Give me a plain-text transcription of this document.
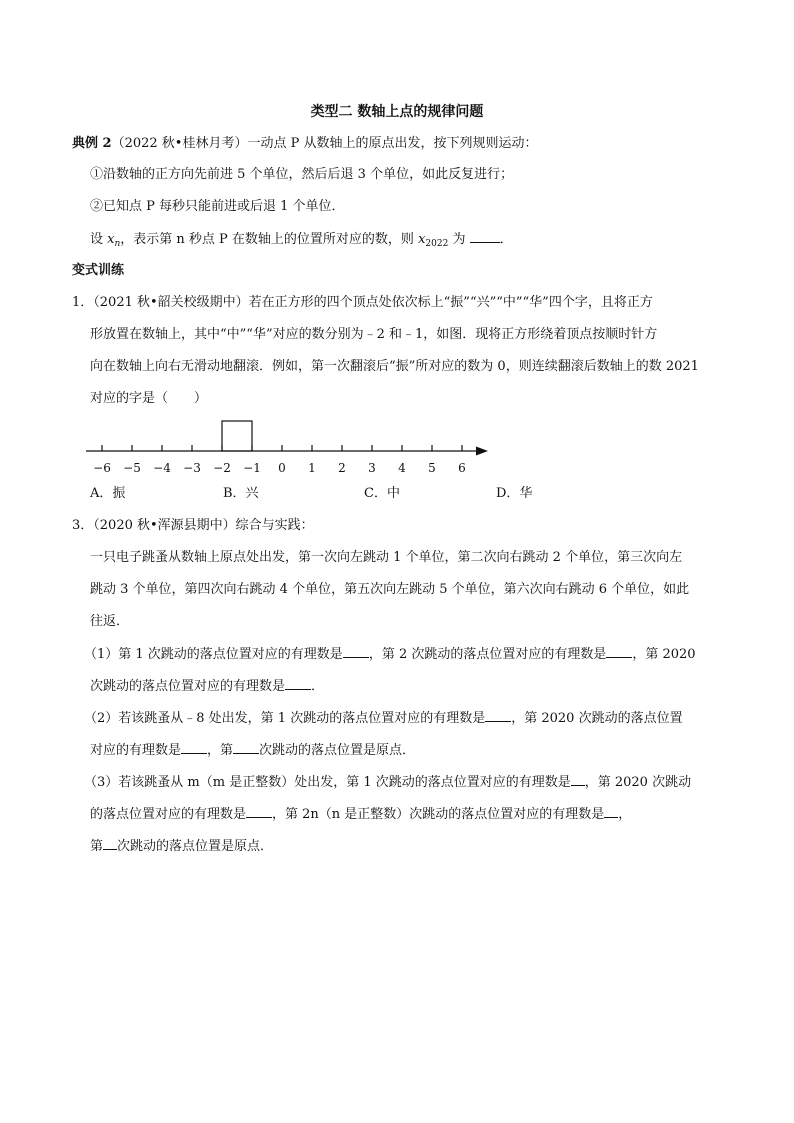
类型二 数轴上点的规律问题
典例 2（2022 秋•桂林月考）一动点 P 从数轴上的原点出发，按下列规则运动：
①沿数轴的正方向先前进 5 个单位，然后后退 3 个单位，如此反复进行；
②已知点 P 每秒只能前进或后退 1 个单位．
设 $x_n$，表示第 n 秒点 P 在数轴上的位置所对应的数，则 $x_{2022}$ 为	．
变式训练
1．（2021 秋•韶关校级期中）若在正方形的四个顶点处依次标上“振”“兴”“中”“华”四个字，且将正方
形放置在数轴上，其中“中”“华”对应的数分别为﹣2 和﹣1，如图．现将正方形绕着顶点按顺时针方
向在数轴上向右无滑动地翻滚．例如，第一次翻滚后“振”所对应的数为 0，则连续翻滚后数轴上的数 2021
对应的字是（　　）
−6 −5 −4 −3 −2 −1 0 1 2 3 4 5 6
A．振	B．兴	C．中	D．华
3．（2020 秋•浑源县期中）综合与实践：
一只电子跳蚤从数轴上原点处出发，第一次向左跳动 1 个单位，第二次向右跳动 2 个单位，第三次向左
跳动 3 个单位，第四次向右跳动 4 个单位，第五次向左跳动 5 个单位，第六次向右跳动 6 个单位，如此
往返．
（1）第 1 次跳动的落点位置对应的有理数是 ，第 2 次跳动的落点位置对应的有理数是 ，第 2020
次跳动的落点位置对应的有理数是 ．
（2）若该跳蚤从﹣8 处出发，第 1 次跳动的落点位置对应的有理数是 ，第 2020 次跳动的落点位置
对应的有理数是 ，第 次跳动的落点位置是原点．
（3）若该跳蚤从 m（m 是正整数）处出发，第 1 次跳动的落点位置对应的有理数是 ，第 2020 次跳动
的落点位置对应的有理数是 ，第 2n（n 是正整数）次跳动的落点位置对应的有理数是 ，
第 次跳动的落点位置是原点．
